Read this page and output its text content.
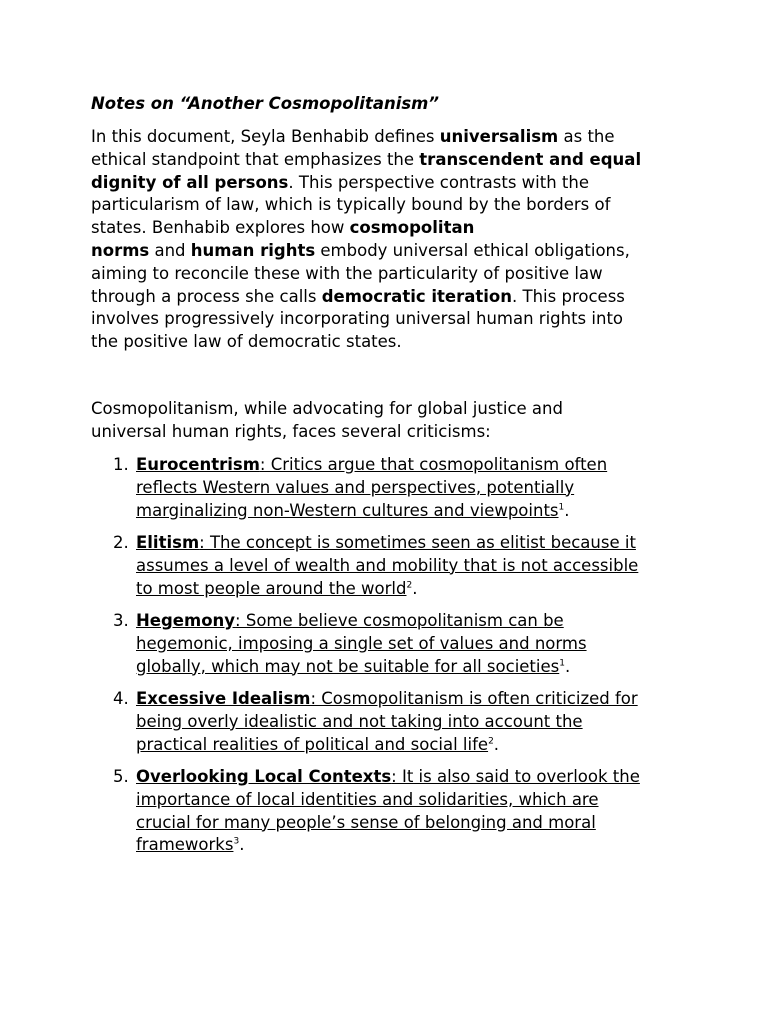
Notes on “Another Cosmopolitanism”
In this document, Seyla Benhabib defines universalism as the
ethical standpoint that emphasizes the transcendent and equal
dignity of all persons. This perspective contrasts with the
particularism of law, which is typically bound by the borders of
states. Benhabib explores how cosmopolitan
norms and human rights embody universal ethical obligations,
aiming to reconcile these with the particularity of positive law
through a process she calls democratic iteration. This process
involves progressively incorporating universal human rights into
the positive law of democratic states.
Cosmopolitanism, while advocating for global justice and
universal human rights, faces several criticisms:
1. Eurocentrism: Critics argue that cosmopolitanism often
reflects Western values and perspectives, potentially
marginalizing non-Western cultures and viewpoints$^1$.
2. Elitism: The concept is sometimes seen as elitist because it
assumes a level of wealth and mobility that is not accessible
to most people around the world$^2$.
3. Hegemony: Some believe cosmopolitanism can be
hegemonic, imposing a single set of values and norms
globally, which may not be suitable for all societies$^1$.
4. Excessive Idealism: Cosmopolitanism is often criticized for
being overly idealistic and not taking into account the
practical realities of political and social life$^2$.
5. Overlooking Local Contexts: It is also said to overlook the
importance of local identities and solidarities, which are
crucial for many people’s sense of belonging and moral
frameworks$^3$.
